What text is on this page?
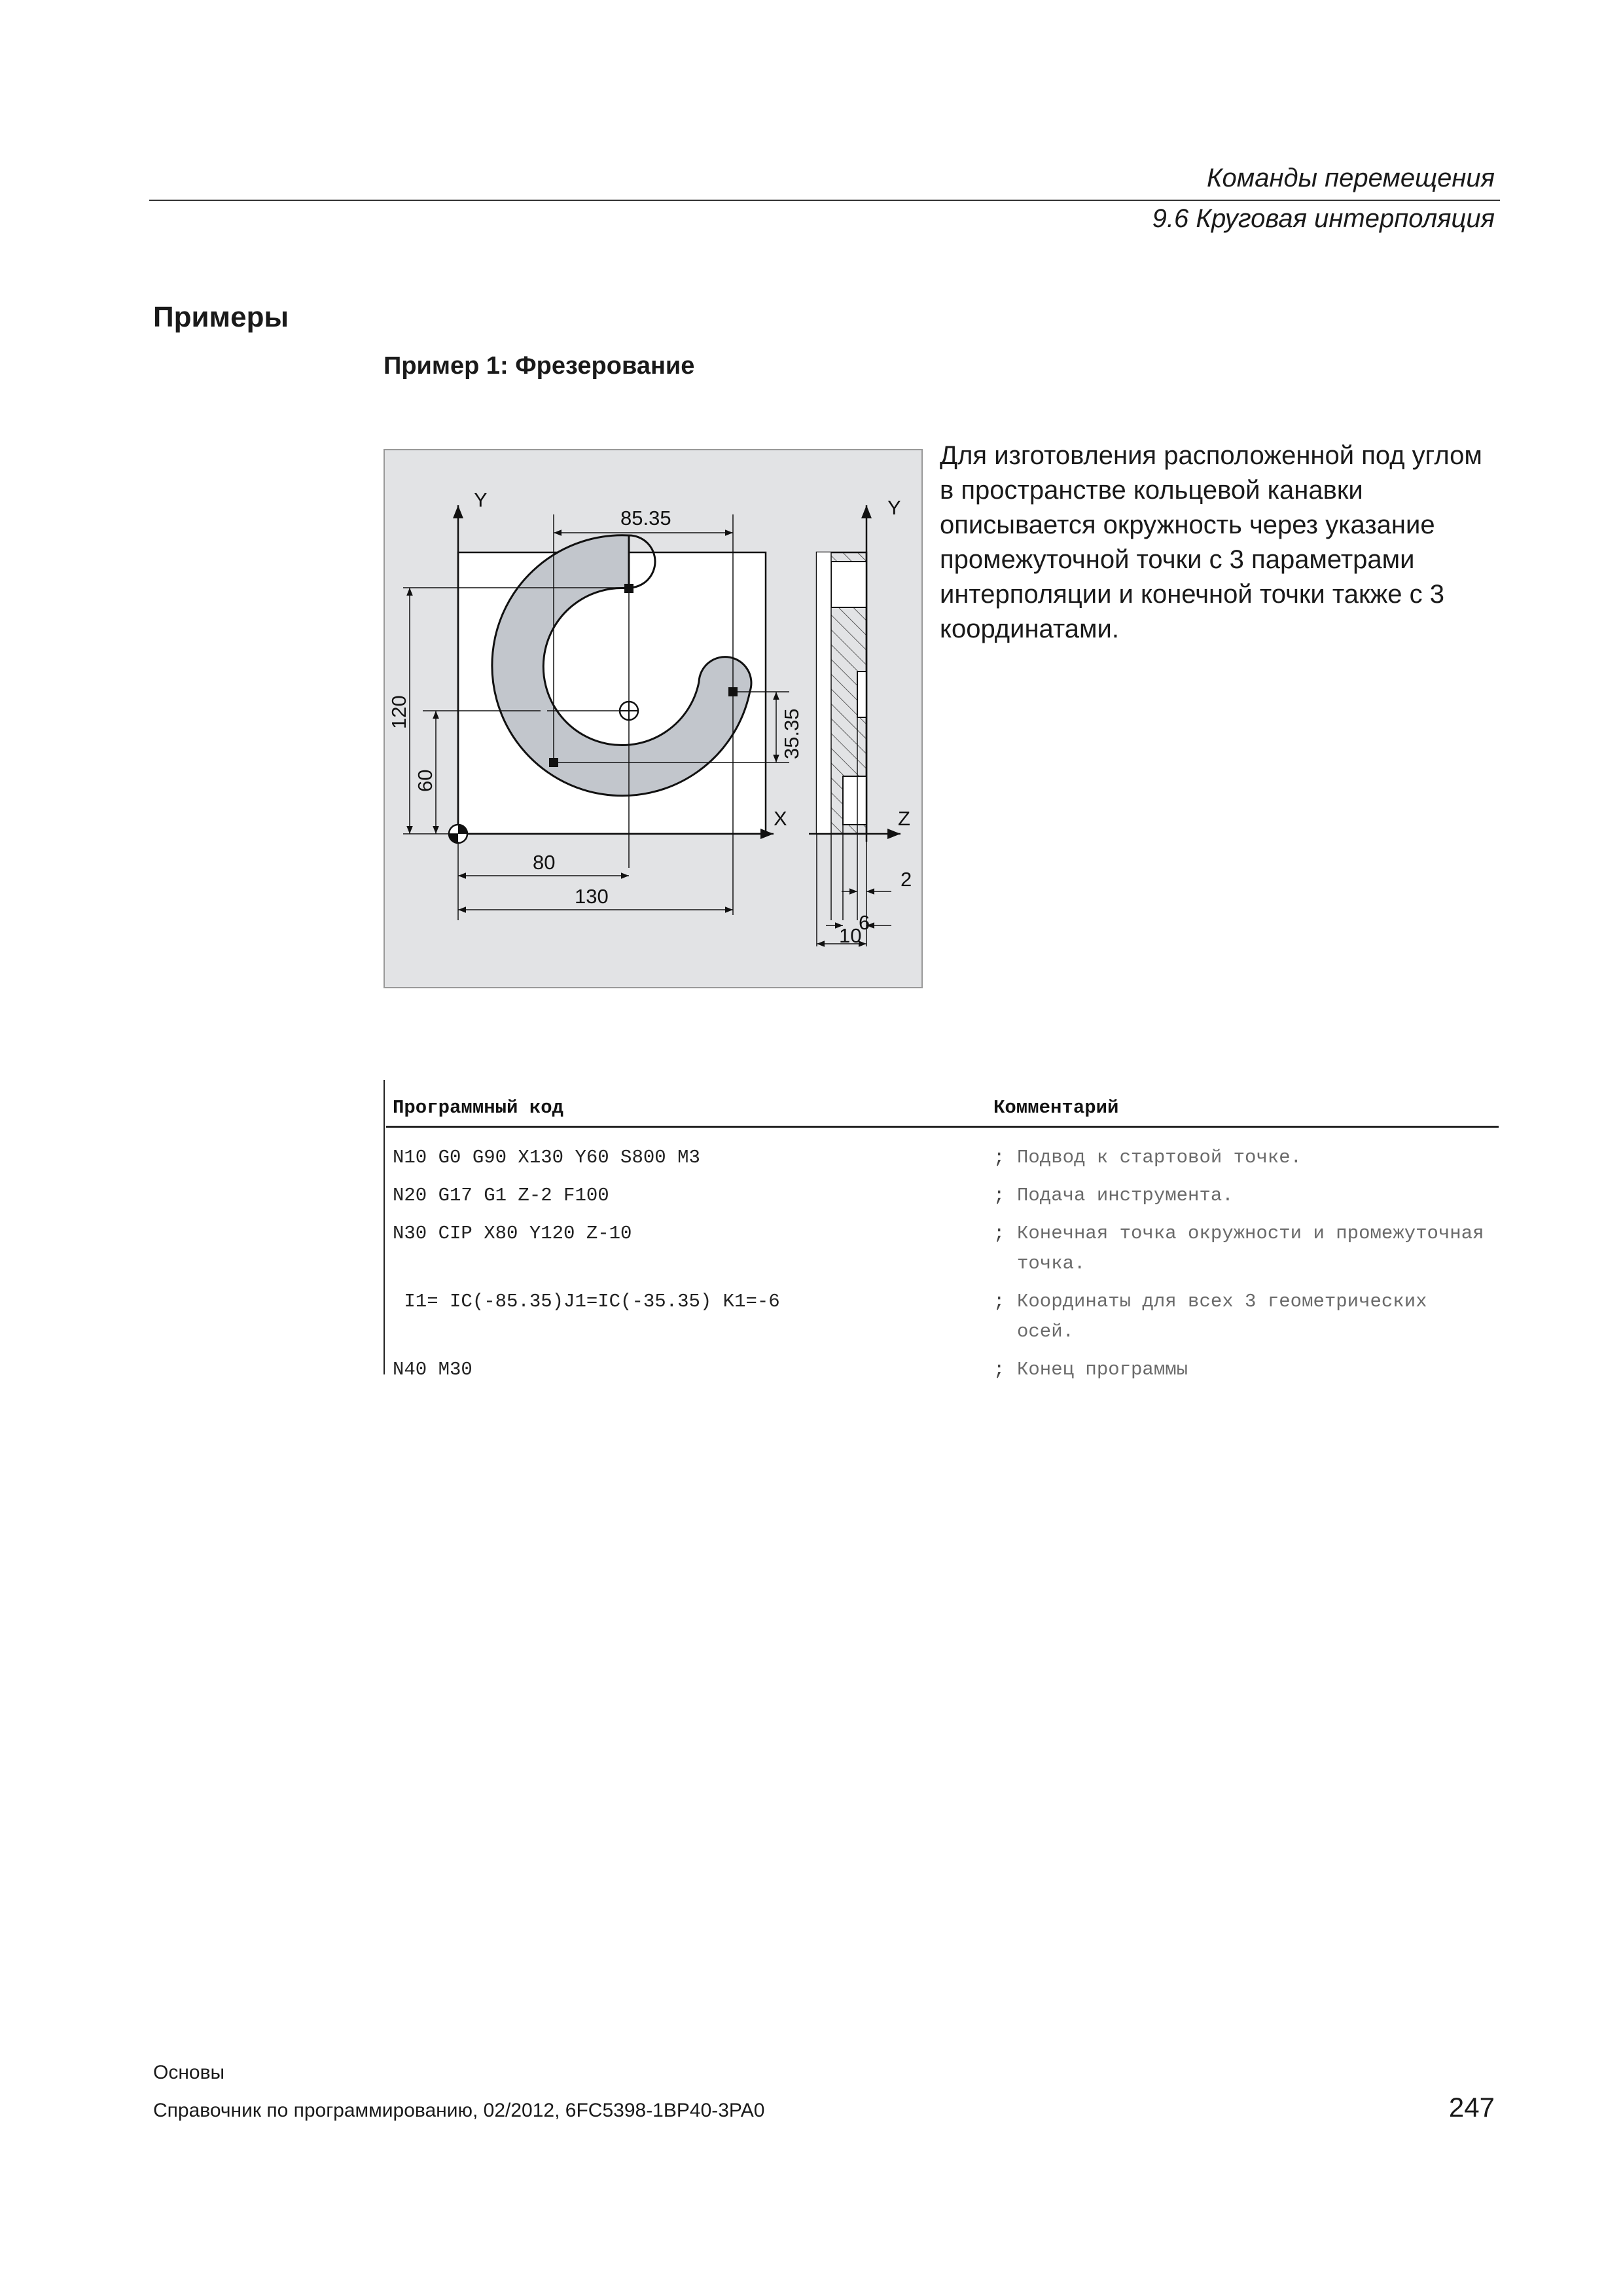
Команды перемещения
9.6 Круговая интерполяция
Примеры
Пример 1: Фрезерование
Y
X
85.35
120
60
35.35
80
130
Y
Z
2
6
10
Для изготовления расположенной под углом в пространстве кольцевой канавки описывается окружность через указание промежуточной точки с 3 параметрами интерполяции и конечной точки также с 3 координатами.
Программный код	Комментарий
N10 G0 G90 X130 Y60 S800 M3	; Подвод к стартовой точке.
N20 G17 G1 Z-2 F100	; Подача инструмента.
N30 CIP X80 Y120 Z-10	; Конечная точка окружности и промежуточная точка.
I1= IC(-85.35)J1=IC(-35.35) K1=-6	; Координаты для всех 3 геометрических осей.
N40 M30	; Конец программы
Основы
Справочник по программированию, 02/2012, 6FC5398-1BP40-3PA0	247
